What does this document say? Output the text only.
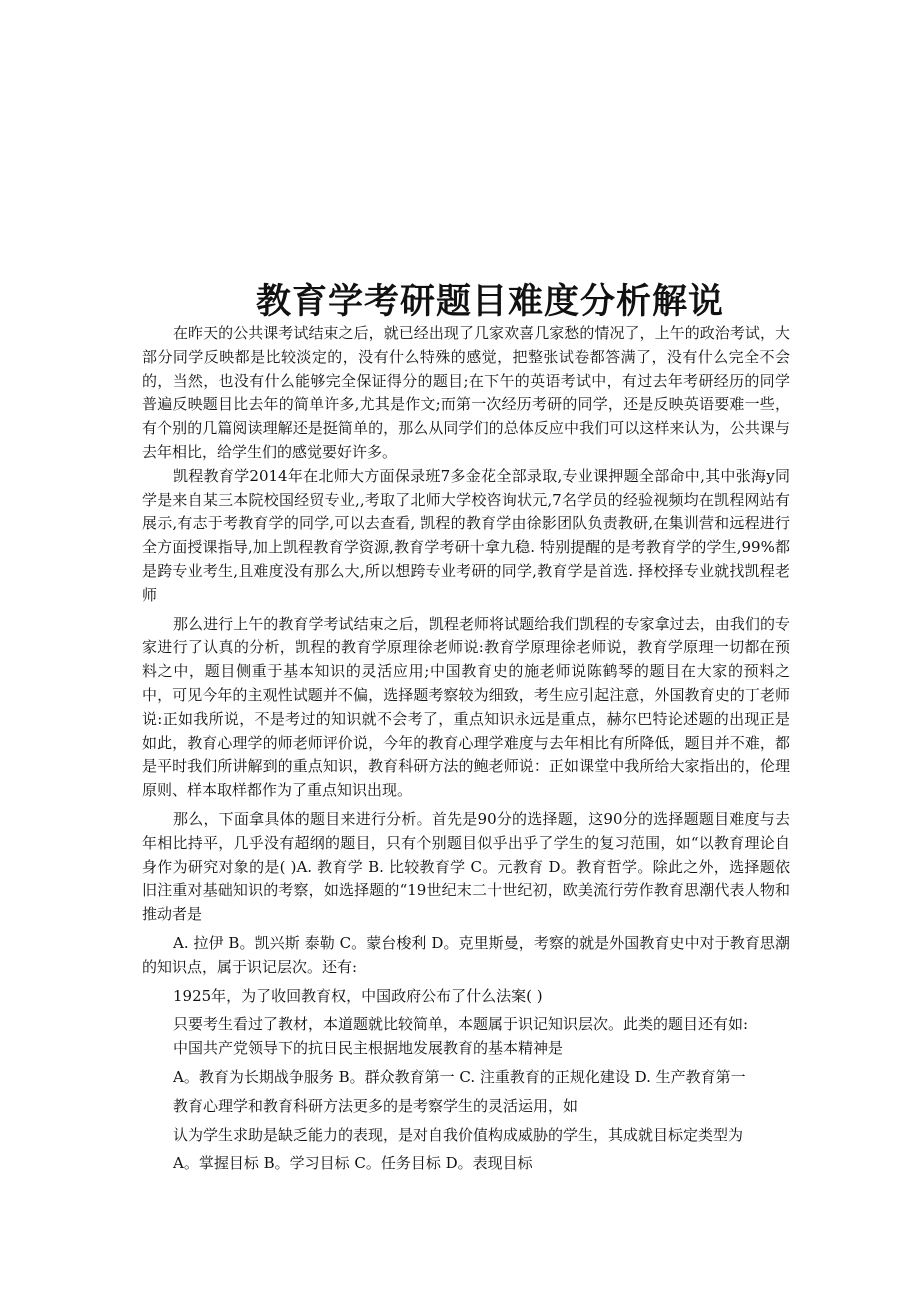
教育学考研题目难度分析解说

在昨天的公共课考试结束之后，就已经出现了几家欢喜几家愁的情况了，上午的政治考试，大部分同学反映都是比较淡定的，没有什么特殊的感觉，把整张试卷都答满了，没有什么完全不会的，当然，也没有什么能够完全保证得分的题目;在下午的英语考试中，有过去年考研经历的同学普遍反映题目比去年的简单许多,尤其是作文;而第一次经历考研的同学，还是反映英语要难一些，有个别的几篇阅读理解还是挺简单的，那么从同学们的总体反应中我们可以这样来认为，公共课与去年相比，给学生们的感觉要好许多。

凯程教育学2014年在北师大方面保录班7多金花全部录取,专业课押题全部命中,其中张海y同学是来自某三本院校国经贸专业,,考取了北师大学校咨询状元,7名学员的经验视频均在凯程网站有展示,有志于考教育学的同学,可以去查看, 凯程的教育学由徐影团队负责教研,在集训营和远程进行全方面授课指导,加上凯程教育学资源,教育学考研十拿九稳. 特别提醒的是考教育学的学生,99%都是跨专业考生,且难度没有那么大,所以想跨专业考研的同学,教育学是首选. 择校择专业就找凯程老师

那么进行上午的教育学考试结束之后，凯程老师将试题给我们凯程的专家拿过去，由我们的专家进行了认真的分析，凯程的教育学原理徐老师说:教育学原理徐老师说，教育学原理一切都在预料之中，题目侧重于基本知识的灵活应用;中国教育史的施老师说陈鹤琴的题目在大家的预料之中，可见今年的主观性试题并不偏，选择题考察较为细致，考生应引起注意，外国教育史的丁老师说:正如我所说，不是考过的知识就不会考了，重点知识永远是重点，赫尔巴特论述题的出现正是如此，教育心理学的师老师评价说，今年的教育心理学难度与去年相比有所降低，题目并不难，都是平时我们所讲解到的重点知识，教育科研方法的鲍老师说：正如课堂中我所给大家指出的，伦理原则、样本取样都作为了重点知识出现。

那么，下面拿具体的题目来进行分析。首先是90分的选择题，这90分的选择题题目难度与去年相比持平，几乎没有超纲的题目，只有个别题目似乎出乎了学生的复习范围，如“以教育理论自身作为研究对象的是( )A. 教育学 B. 比较教育学 C。元教育 D。教育哲学。除此之外，选择题依旧注重对基础知识的考察，如选择题的“19世纪末二十世纪初，欧美流行劳作教育思潮代表人物和推动者是

A. 拉伊 B。凯兴斯 泰勒 C。蒙台梭利 D。克里斯曼，考察的就是外国教育史中对于教育思潮的知识点，属于识记层次。还有:

1925年，为了收回教育权，中国政府公布了什么法案( )

只要考生看过了教材，本道题就比较简单，本题属于识记知识层次。此类的题目还有如:

中国共产党领导下的抗日民主根据地发展教育的基本精神是

A。教育为长期战争服务 B。群众教育第一 C. 注重教育的正规化建设 D. 生产教育第一

教育心理学和教育科研方法更多的是考察学生的灵活运用，如

认为学生求助是缺乏能力的表现，是对自我价值构成威胁的学生，其成就目标定类型为

A。掌握目标 B。学习目标 C。任务目标 D。表现目标
